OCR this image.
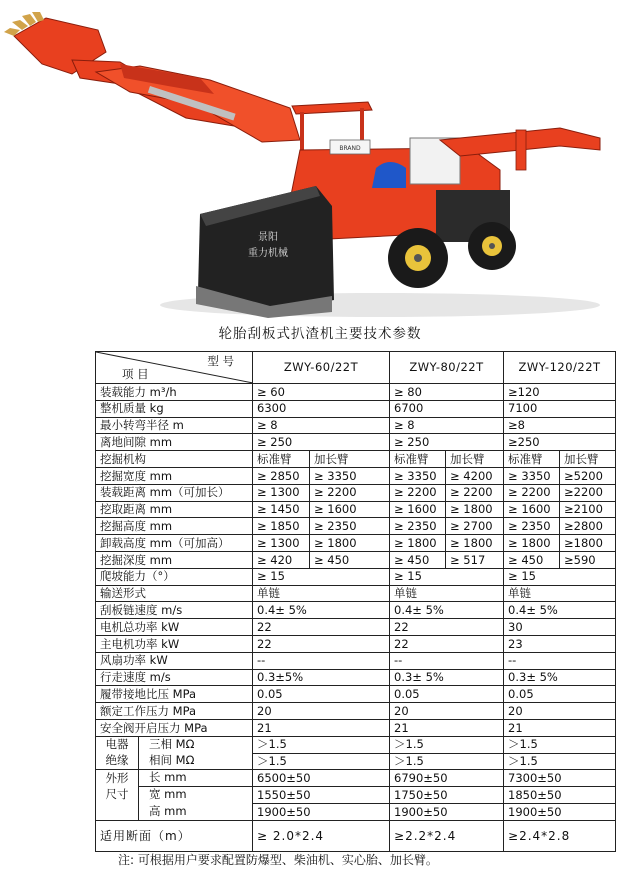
BRAND
景阳
重力机械
轮胎刮板式扒渣机主要技术参数
型 号
项 目	ZWY-60/22T		ZWY-80/22T		ZWY-120/22T	
装载能力 m³/h	≥ 60		≥ 80		≥120	
整机质量 kg	6300		6700		7100	
最小转弯半径 m	≥ 8		≥ 8		≥8	
离地间隙 mm	≥ 250		≥ 250		≥250	
挖掘机构	标准臂	加长臂	标准臂	加长臂	标准臂	加长臂
挖掘宽度 mm	≥ 2850	≥ 3350	≥ 3350	≥ 4200	≥ 3350	≥5200
装载距离 mm（可加长）	≥ 1300	≥ 2200	≥ 2200	≥ 2200	≥ 2200	≥2200
挖取距离 mm	≥ 1450	≥ 1600	≥ 1600	≥ 1800	≥ 1600	≥2100
挖掘高度 mm	≥ 1850	≥ 2350	≥ 2350	≥ 2700	≥ 2350	≥2800
卸载高度 mm（可加高）	≥ 1300	≥ 1800	≥ 1800	≥ 1800	≥ 1800	≥1800
挖掘深度 mm	≥ 420	≥ 450	≥ 450	≥ 517	≥ 450	≥590
爬坡能力（°）	≥ 15		≥ 15		≥ 15	
输送形式	单链		单链		单链	
刮板链速度 m/s	0.4± 5%		0.4± 5%		0.4± 5%	
电机总功率 kW	22		22		30	
主电机功率 kW	22		22		23	
风扇功率 kW	--		--		--	
行走速度 m/s	0.3±5%		0.3± 5%		0.3± 5%	
履带接地比压 MPa	0.05		0.05		0.05	
额定工作压力 MPa	20		20		20	
安全阀开启压力 MPa	21		21		21	

电器 三相 MΩ	＞1.5		＞1.5		＞1.5	

绝缘 相间 MΩ	＞1.5		＞1.5		＞1.5	

外形 长 mm	6500±50		6790±50		7300±50	

尺寸 宽 mm	1550±50		1750±50		1850±50	

高 mm	1900±50		1900±50		1900±50	
适用断面（m）	≥ 2.0*2.4		≥2.2*2.4		≥2.4*2.8	
注: 可根据用户要求配置防爆型、柴油机、实心胎、加长臂。
